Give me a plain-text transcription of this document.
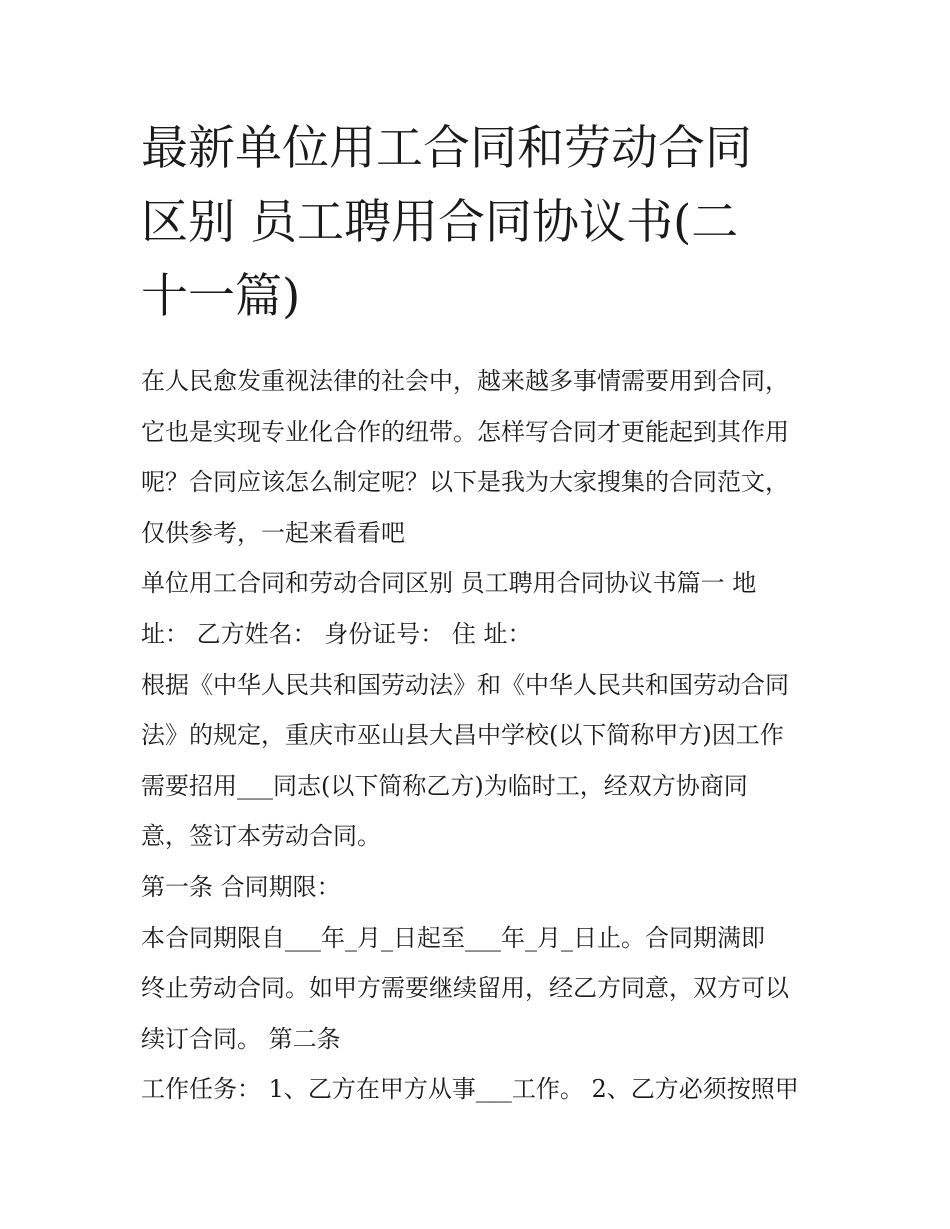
最新单位用工合同和劳动合同
区别 员工聘用合同协议书(二
十一篇)
在人民愈发重视法律的社会中，越来越多事情需要用到合同，
它也是实现专业化合作的纽带。怎样写合同才更能起到其作用
呢？合同应该怎么制定呢？以下是我为大家搜集的合同范文，
仅供参考，一起来看看吧
单位用工合同和劳动合同区别 员工聘用合同协议书篇一 地
址： 乙方姓名： 身份证号： 住 址：
根据《中华人民共和国劳动法》和《中华人民共和国劳动合同
法》的规定，重庆市巫山县大昌中学校(以下简称甲方)因工作
需要招用___同志(以下简称乙方)为临时工，经双方协商同
意，签订本劳动合同。
第一条 合同期限：
本合同期限自___年_月_日起至___年_月_日止。合同期满即
终止劳动合同。如甲方需要继续留用，经乙方同意，双方可以
续订合同。 第二条
工作任务： 1、乙方在甲方从事___工作。 2、乙方必须按照甲
